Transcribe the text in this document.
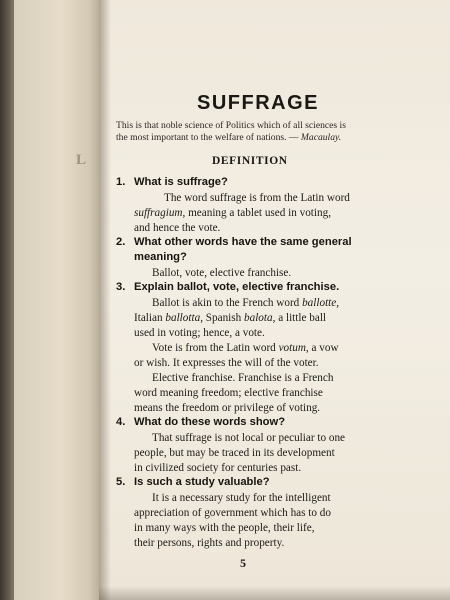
L
SUFFRAGE
This is that noble science of Politics which of all sciences is
the most important to the welfare of nations. — Macaulay.
DEFINITION
1. What is suffrage?
The word suffrage is from the Latin word
suffragium, meaning a tablet used in voting,
and hence the vote.
2. What other words have the same general
meaning?
Ballot, vote, elective franchise.
3. Explain ballot, vote, elective franchise.
Ballot is akin to the French word ballotte,
Italian ballotta, Spanish balota, a little ball
used in voting; hence, a vote.
Vote is from the Latin word votum, a vow
or wish. It expresses the will of the voter.
Elective franchise. Franchise is a French
word meaning freedom; elective franchise
means the freedom or privilege of voting.
4. What do these words show?
That suffrage is not local or peculiar to one
people, but may be traced in its development
in civilized society for centuries past.
5. Is such a study valuable?
It is a necessary study for the intelligent
appreciation of government which has to do
in many ways with the people, their life,
their persons, rights and property.
5
